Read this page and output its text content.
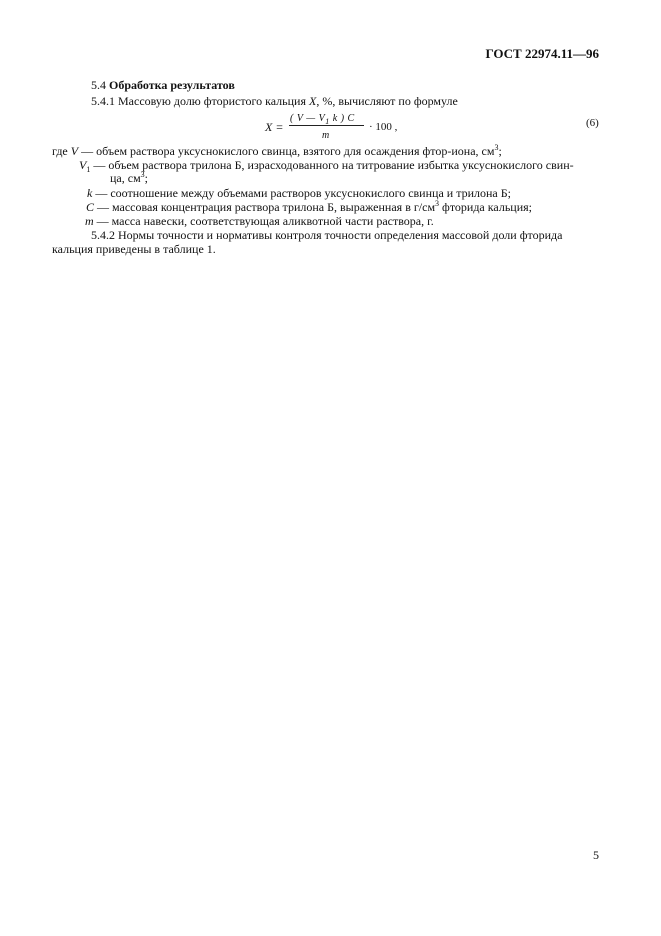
ГОСТ 22974.11—96
5.4 Обработка результатов
5.4.1 Массовую долю фтористого кальция X, %, вычисляют по формуле
X =
( V — $V_1$ k ) C
m
· 100 ,	(6)
где V — объем раствора уксуснокислого свинца, взятого для осаждения фтор-иона, $см^3$;
$V_1$ — объем раствора трилона Б, израсходованного на титрование избытка уксуснокислого свин-
ца, $см^3$;
k — соотношение между объемами растворов уксуснокислого свинца и трилона Б;
C — массовая концентрация раствора трилона Б, выраженная в $г/см^3$ фторида кальция;
m — масса навески, соответствующая аликвотной части раствора, г.
5.4.2 Нормы точности и нормативы контроля точности определения массовой доли фторида
кальция приведены в таблице 1.
5
